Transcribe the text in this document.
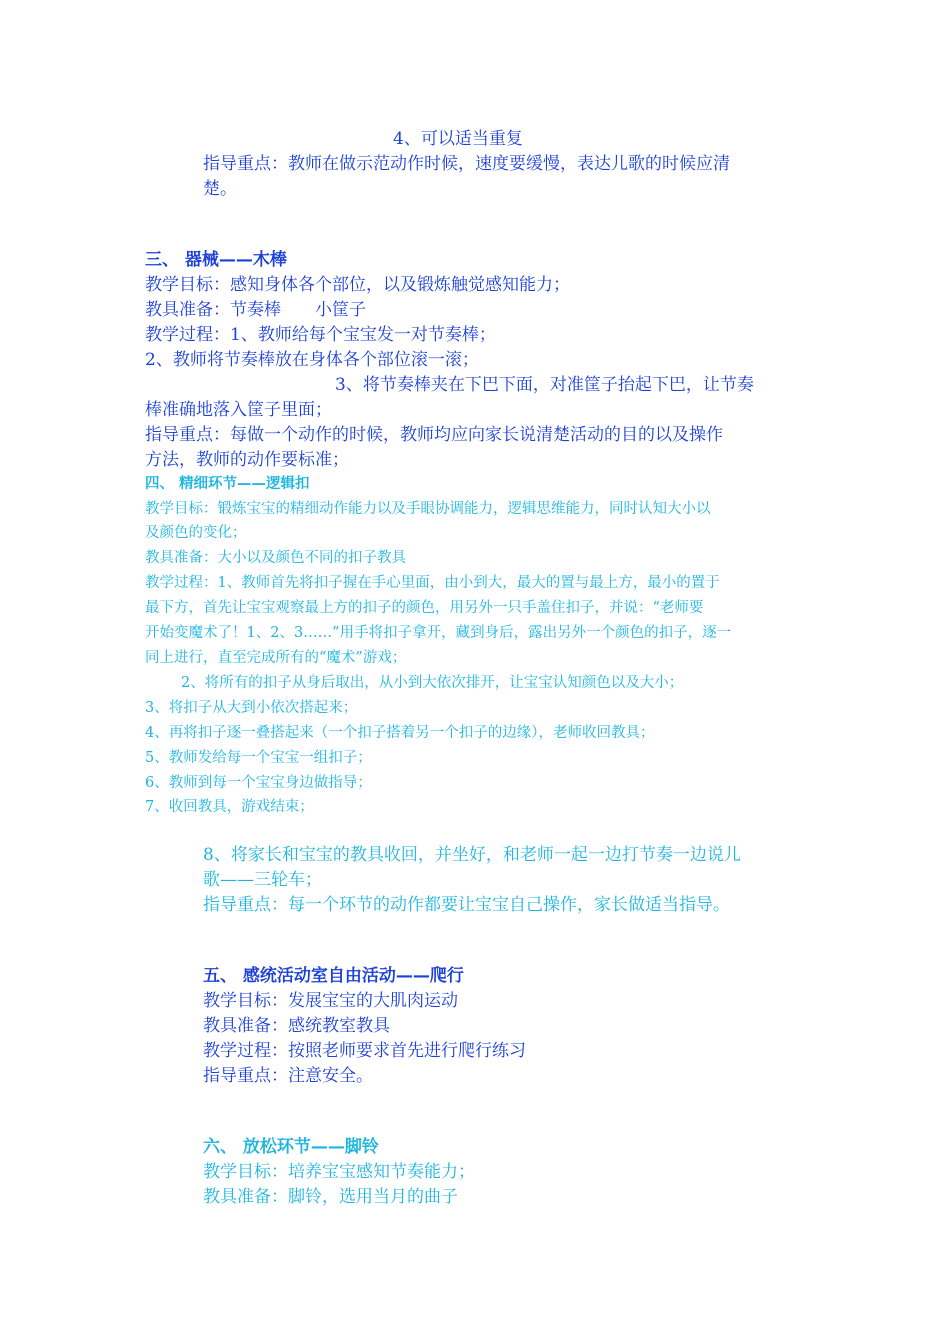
4、可以适当重复
指导重点：教师在做示范动作时候，速度要缓慢，表达儿歌的时候应清
楚。
三、 器械——木棒
教学目标：感知身体各个部位，以及锻炼触觉感知能力；
教具准备：节奏棒　　小筐子
教学过程：1、教师给每个宝宝发一对节奏棒；
2、教师将节奏棒放在身体各个部位滚一滚；
3、将节奏棒夹在下巴下面，对准筐子抬起下巴，让节奏
棒准确地落入筐子里面；
指导重点：每做一个动作的时候，教师均应向家长说清楚活动的目的以及操作
方法，教师的动作要标准；
四、 精细环节——逻辑扣
教学目标：锻炼宝宝的精细动作能力以及手眼协调能力，逻辑思维能力，同时认知大小以
及颜色的变化；
教具准备：大小以及颜色不同的扣子教具
教学过程：1、教师首先将扣子握在手心里面，由小到大，最大的置与最上方，最小的置于
最下方，首先让宝宝观察最上方的扣子的颜色，用另外一只手盖住扣子，并说：“老师要
开始变魔术了！1、2、3……”用手将扣子拿开，藏到身后，露出另外一个颜色的扣子，逐一
同上进行，直至完成所有的“魔术”游戏；
2、将所有的扣子从身后取出，从小到大依次排开，让宝宝认知颜色以及大小；
3、将扣子从大到小依次搭起来；
4、再将扣子逐一叠搭起来（一个扣子搭着另一个扣子的边缘），老师收回教具；
5、教师发给每一个宝宝一组扣子；
6、教师到每一个宝宝身边做指导；
7、收回教具，游戏结束；
8、将家长和宝宝的教具收回，并坐好，和老师一起一边打节奏一边说儿
歌——三轮车；
指导重点：每一个环节的动作都要让宝宝自己操作，家长做适当指导。
五、 感统活动室自由活动——爬行
教学目标：发展宝宝的大肌肉运动
教具准备：感统教室教具
教学过程：按照老师要求首先进行爬行练习
指导重点：注意安全。
六、 放松环节——脚铃
教学目标：培养宝宝感知节奏能力；
教具准备：脚铃，选用当月的曲子
